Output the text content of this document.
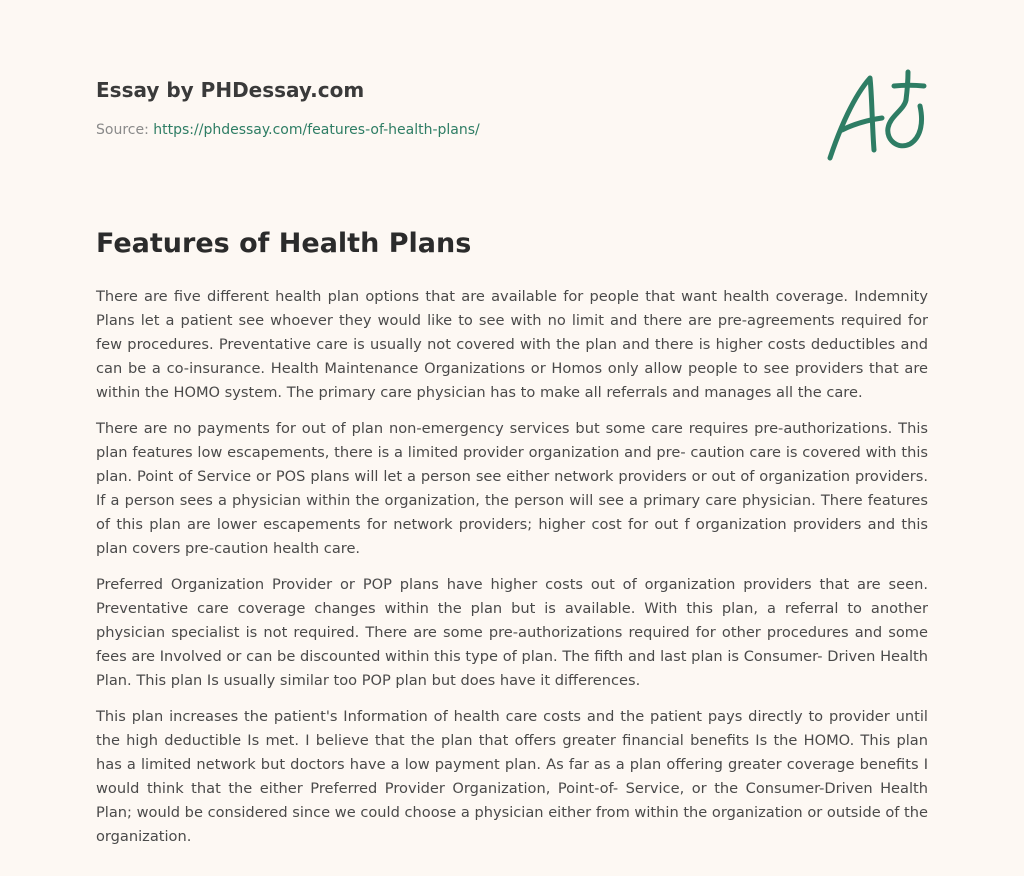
Essay by PHDessay.com
Source: https://phdessay.com/features-of-health-plans/
Features of Health Plans

There are five different health plan options that are available for people that want health coverage. Indemnity Plans let a patient see whoever they would like to see with no limit and there are pre-agreements required for few procedures. Preventative care is usually not covered with the plan and there is higher costs deductibles and can be a co-insurance. Health Maintenance Organizations or Homos only allow people to see providers that are within the HOMO system. The primary care physician has to make all referrals and manages all the care.

There are no payments for out of plan non-emergency services but some care requires pre-authorizations. This plan features low escapements, there is a limited provider organization and pre- caution care is covered with this plan. Point of Service or POS plans will let a person see either network providers or out of organization providers. If a person sees a physician within the organization, the person will see a primary care physician. There features of this plan are lower escapements for network providers; higher cost for out f organization providers and this plan covers pre-caution health care.

Preferred Organization Provider or POP plans have higher costs out of organization providers that are seen. Preventative care coverage changes within the plan but is available. With this plan, a referral to another physician specialist is not required. There are some pre-authorizations required for other procedures and some fees are Involved or can be discounted within this type of plan. The fifth and last plan is Consumer- Driven Health Plan. This plan Is usually similar too POP plan but does have it differences.

This plan increases the patient's Information of health care costs and the patient pays directly to provider until the high deductible Is met. I believe that the plan that offers greater financial benefits Is the HOMO. This plan has a limited network but doctors have a low payment plan. As far as a plan offering greater coverage benefits I would think that the either Preferred Provider Organization, Point-of- Service, or the Consumer-Driven Health Plan; would be considered since we could choose a physician either from within the organization or outside of the organization.
